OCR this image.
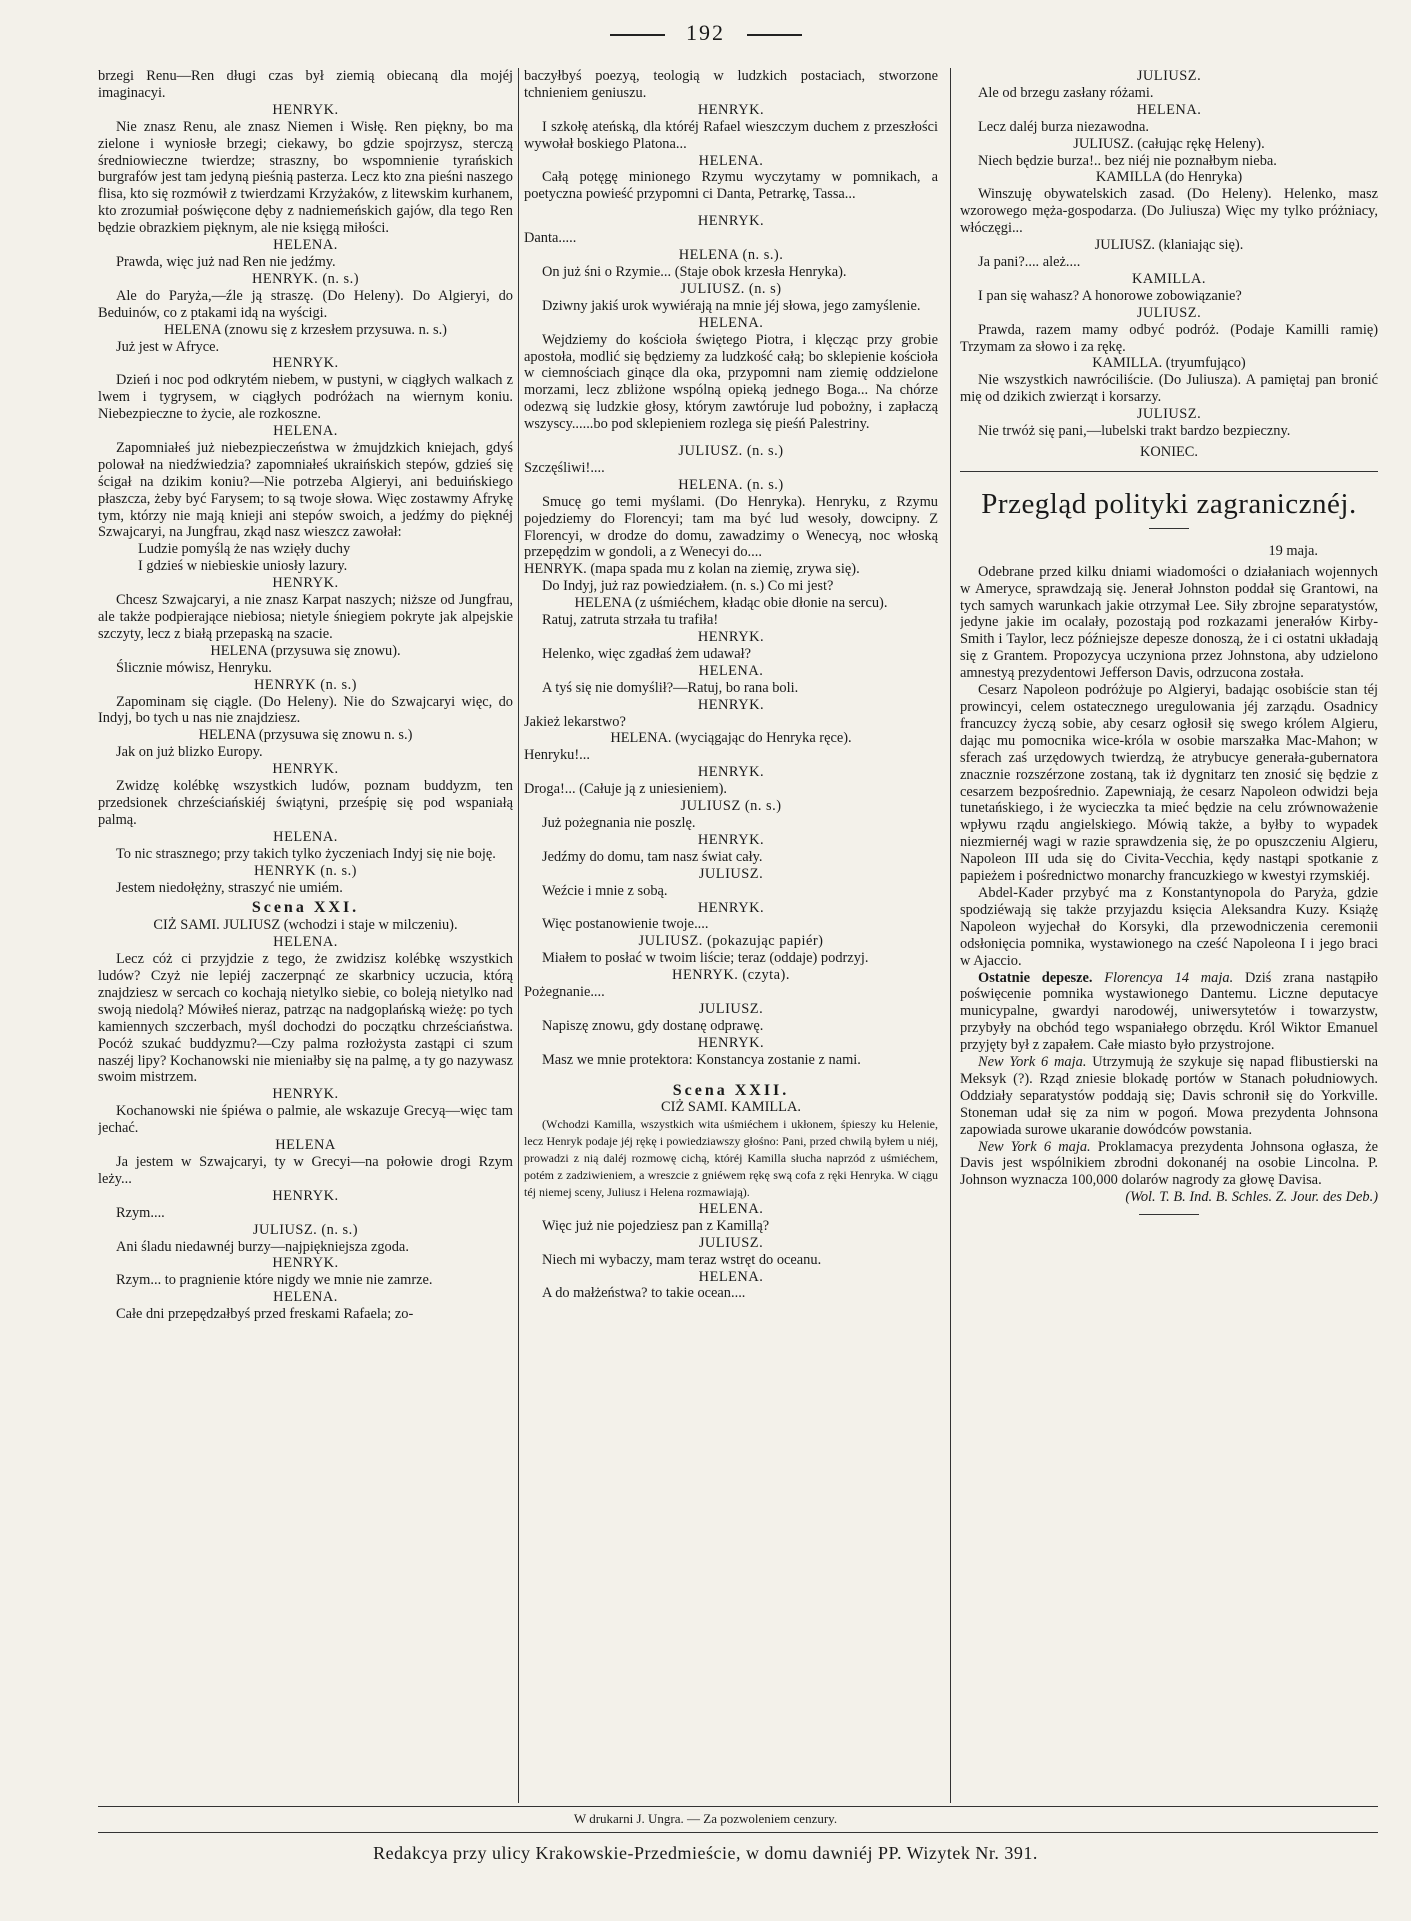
192

brzegi Renu—Ren długi czas był ziemią obiecaną dla mojéj imaginacyi.

HENRYK.

Nie znasz Renu, ale znasz Niemen i Wisłę. Ren piękny, bo ma zielone i wyniosłe brzegi; ciekawy, bo gdzie spojrzysz, sterczą średniowieczne twierdze; straszny, bo wspomnienie tyrańskich burgrafów jest tam jedyną pieśnią pasterza. Lecz kto zna pieśni naszego flisa, kto się rozmówił z twierdzami Krzyżaków, z litewskim kurhanem, kto zrozumiał poświęcone dęby z nadniemeńskich gajów, dla tego Ren będzie obrazkiem pięknym, ale nie księgą miłości.

HELENA.

Prawda, więc już nad Ren nie jedźmy.

HENRYK. (n. s.)

Ale do Paryża,—źle ją straszę. (Do Heleny). Do Algieryi, do Beduinów, co z ptakami idą na wyścigi.

HELENA (znowu się z krzesłem przysuwa. n. s.)

Już jest w Afryce.

HENRYK.

Dzień i noc pod odkrytém niebem, w pustyni, w ciągłych walkach z lwem i tygrysem, w ciągłych podróżach na wiernym koniu. Niebezpieczne to życie, ale rozkoszne.

HELENA.

Zapomniałeś już niebezpieczeństwa w żmujdzkich kniejach, gdyś polował na niedźwiedzia? zapomniałeś ukraińskich stepów, gdzieś się ścigał na dzikim koniu?—Nie potrzeba Algieryi, ani beduińskiego płaszcza, żeby być Farysem; to są twoje słowa. Więc zostawmy Afrykę tym, którzy nie mają knieji ani stepów swoich, a jedźmy do pięknéj Szwajcaryi, na Jungfrau, zkąd nasz wieszcz zawołał:

Ludzie pomyślą że nas wzięły duchy

I gdzieś w niebieskie uniosły lazury.

HENRYK.

Chcesz Szwajcaryi, a nie znasz Karpat naszych; niższe od Jungfrau, ale także podpierające niebiosa; nietyle śniegiem pokryte jak alpejskie szczyty, lecz z białą przepaską na szacie.

HELENA (przysuwa się znowu).

Ślicznie mówisz, Henryku.

HENRYK (n. s.)

Zapominam się ciągle. (Do Heleny). Nie do Szwajcaryi więc, do Indyj, bo tych u nas nie znajdziesz.

HELENA (przysuwa się znowu n. s.)

Jak on już blizko Europy.

HENRYK.

Zwidzę kolébkę wszystkich ludów, poznam buddyzm, ten przedsionek chrześciańskiéj świątyni, prześpię się pod wspaniałą palmą.

HELENA.

To nic strasznego; przy takich tylko życzeniach Indyj się nie boję.

HENRYK (n. s.)

Jestem niedołężny, straszyć nie umiém.

Scena XXI.

CIŻ SAMI. JULIUSZ (wchodzi i staje w milczeniu).

HELENA.

Lecz cóż ci przyjdzie z tego, że zwidzisz kolébkę wszystkich ludów? Czyż nie lepiéj zaczerpnąć ze skarbnicy uczucia, którą znajdziesz w sercach co kochają nietylko siebie, co boleją nietylko nad swoją niedolą? Mówiłeś nieraz, patrząc na nadgoplańską wieżę: po tych kamiennych szczerbach, myśl dochodzi do początku chrześciaństwa. Pocóż szukać buddyzmu?—Czy palma rozłożysta zastąpi ci szum naszéj lipy? Kochanowski nie mieniałby się na palmę, a ty go nazywasz swoim mistrzem.

HENRYK.

Kochanowski nie śpiéwa o palmie, ale wskazuje Grecyą—więc tam jechać.

HELENA

Ja jestem w Szwajcaryi, ty w Grecyi—na połowie drogi Rzym leży...

HENRYK.

Rzym....

JULIUSZ. (n. s.)

Ani śladu niedawnéj burzy—najpiękniejsza zgoda.

HENRYK.

Rzym... to pragnienie które nigdy we mnie nie zamrze.

HELENA.

Całe dni przepędzałbyś przed freskami Rafaela; zo-

baczyłbyś poezyą, teologią w ludzkich postaciach, stworzone tchnieniem geniuszu.

HENRYK.

I szkołę ateńską, dla któréj Rafael wieszczym duchem z przeszłości wywołał boskiego Platona...

HELENA.

Całą potęgę minionego Rzymu wyczytamy w pomnikach, a poetyczna powieść przypomni ci Danta, Petrarkę, Tassa...

HENRYK.

Danta.....

HELENA (n. s.).

On już śni o Rzymie... (Staje obok krzesła Henryka).

JULIUSZ. (n. s)

Dziwny jakiś urok wywiérają na mnie jéj słowa, jego zamyślenie.

HELENA.

Wejdziemy do kościoła świętego Piotra, i klęcząc przy grobie apostoła, modlić się będziemy za ludzkość całą; bo sklepienie kościoła w ciemnościach ginące dla oka, przypomni nam ziemię oddzielone morzami, lecz zbliżone wspólną opieką jednego Boga... Na chórze odezwą się ludzkie głosy, którym zawtóruje lud pobożny, i zapłaczą wszyscy......bo pod sklepieniem rozlega się pieśń Palestriny.

JULIUSZ. (n. s.)

Szczęśliwi!....

HELENA. (n. s.)

Smucę go temi myślami. (Do Henryka). Henryku, z Rzymu pojedziemy do Florencyi; tam ma być lud wesoły, dowcipny. Z Florencyi, w drodze do domu, zawadzimy o Wenecyą, noc włoską przepędzim w gondoli, a z Wenecyi do....

HENRYK. (mapa spada mu z kolan na ziemię, zrywa się).

Do Indyj, już raz powiedziałem. (n. s.) Co mi jest?

HELENA (z uśmiéchem, kładąc obie dłonie na sercu).

Ratuj, zatruta strzała tu trafiła!

HENRYK.

Helenko, więc zgadłaś żem udawał?

HELENA.

A tyś się nie domyślił?—Ratuj, bo rana boli.

HENRYK.

Jakież lekarstwo?

HELENA. (wyciągając do Henryka ręce).

Henryku!...

HENRYK.

Droga!... (Całuje ją z uniesieniem).

JULIUSZ (n. s.)

Już pożegnania nie poszlę.

HENRYK.

Jedźmy do domu, tam nasz świat cały.

JULIUSZ.

Weźcie i mnie z sobą.

HENRYK.

Więc postanowienie twoje....

JULIUSZ. (pokazując papiér)

Miałem to posłać w twoim liście; teraz (oddaje) podrzyj.

HENRYK. (czyta).

Pożegnanie....

JULIUSZ.

Napiszę znowu, gdy dostanę odprawę.

HENRYK.

Masz we mnie protektora: Konstancya zostanie z nami.

Scena XXII.

CIŻ SAMI. KAMILLA.

(Wchodzi Kamilla, wszystkich wita uśmiéchem i ukłonem, śpieszy ku Helenie, lecz Henryk podaje jéj rękę i powiedziawszy głośno: Pani, przed chwilą byłem u niéj, prowadzi z nią daléj rozmowę cichą, któréj Kamilla słucha naprzód z uśmiéchem, potém z zadziwieniem, a wreszcie z gniéwem rękę swą cofa z ręki Henryka. W ciągu téj niemej sceny, Juliusz i Helena rozmawiają).

HELENA.

Więc już nie pojedziesz pan z Kamillą?

JULIUSZ.

Niech mi wybaczy, mam teraz wstręt do oceanu.

HELENA.

A do małżeństwa? to takie ocean....

JULIUSZ.

Ale od brzegu zasłany różami.

HELENA.

Lecz daléj burza niezawodna.

JULIUSZ. (całując rękę Heleny).

Niech będzie burza!.. bez niéj nie poznałbym nieba.

KAMILLA (do Henryka)

Winszuję obywatelskich zasad. (Do Heleny). Helenko, masz wzorowego męża-gospodarza. (Do Juliusza) Więc my tylko próżniacy, włóczęgi...

JULIUSZ. (klaniając się).

Ja pani?.... ależ....

KAMILLA.

I pan się wahasz? A honorowe zobowiązanie?

JULIUSZ.

Prawda, razem mamy odbyć podróż. (Podaje Kamilli ramię) Trzymam za słowo i za rękę.

KAMILLA. (tryumfująco)

Nie wszystkich nawróciliście. (Do Juliusza). A pamiętaj pan bronić mię od dzikich zwierząt i korsarzy.

JULIUSZ.

Nie trwóż się pani,—lubelski trakt bardzo bezpieczny.

KONIEC.

Przegląd polityki zagranicznéj.

19 maja.

Odebrane przed kilku dniami wiadomości o działaniach wojennych w Ameryce, sprawdzają się. Jenerał Johnston poddał się Grantowi, na tych samych warunkach jakie otrzymał Lee. Siły zbrojne separatystów, jedyne jakie im ocalały, pozostają pod rozkazami jenerałów Kirby-Smith i Taylor, lecz późniejsze depesze donoszą, że i ci ostatni układają się z Grantem. Propozycya uczyniona przez Johnstona, aby udzielono amnestyą prezydentowi Jefferson Davis, odrzucona została.

Cesarz Napoleon podróżuje po Algieryi, badając osobiście stan téj prowincyi, celem ostatecznego uregulowania jéj zarządu. Osadnicy francuzcy życzą sobie, aby cesarz ogłosił się swego królem Algieru, dając mu pomocnika wice-króla w osobie marszałka Mac-Mahon; w sferach zaś urzędowych twierdzą, że atrybucye generała-gubernatora znacznie rozszérzone zostaną, tak iż dygnitarz ten znosić się będzie z cesarzem bezpośrednio. Zapewniają, że cesarz Napoleon odwidzi beja tunetańskiego, i że wycieczka ta mieć będzie na celu zrównoważenie wpływu rządu angielskiego. Mówią także, a byłby to wypadek niezmiernéj wagi w razie sprawdzenia się, że po opuszczeniu Algieru, Napoleon III uda się do Civita-Vecchia, kędy nastąpi spotkanie z papieżem i pośrednictwo monarchy francuzkiego w kwestyi rzymskiéj.

Abdel-Kader przybyć ma z Konstantynopola do Paryża, gdzie spodziéwają się także przyjazdu księcia Aleksandra Kuzy. Książę Napoleon wyjechał do Korsyki, dla przewodniczenia ceremonii odsłonięcia pomnika, wystawionego na cześć Napoleona I i jego braci w Ajaccio.

Ostatnie depesze. Florencya 14 maja. Dziś zrana nastąpiło poświęcenie pomnika wystawionego Dantemu. Liczne deputacye municypalne, gwardyi narodowéj, uniwersytetów i towarzystw, przybyły na obchód tego wspaniałego obrzędu. Król Wiktor Emanuel przyjęty był z zapałem. Całe miasto było przystrojone.

New York 6 maja. Utrzymują że szykuje się napad flibustierski na Meksyk (?). Rząd zniesie blokadę portów w Stanach południowych. Oddziały separatystów poddają się; Davis schronił się do Yorkville. Stoneman udał się za nim w pogoń. Mowa prezydenta Johnsona zapowiada surowe ukaranie dowódców powstania.

New York 6 maja. Proklamacya prezydenta Johnsona ogłasza, że Davis jest wspólnikiem zbrodni dokonanéj na osobie Lincolna. P. Johnson wyznacza 100,000 dolarów nagrody za głowę Davisa.

(Wol. T. B. Ind. B. Schles. Z. Jour. des Deb.)

W drukarni J. Ungra. — Za pozwoleniem cenzury.
Redakcya przy ulicy Krakowskie-Przedmieście, w domu dawniéj PP. Wizytek Nr. 391.
